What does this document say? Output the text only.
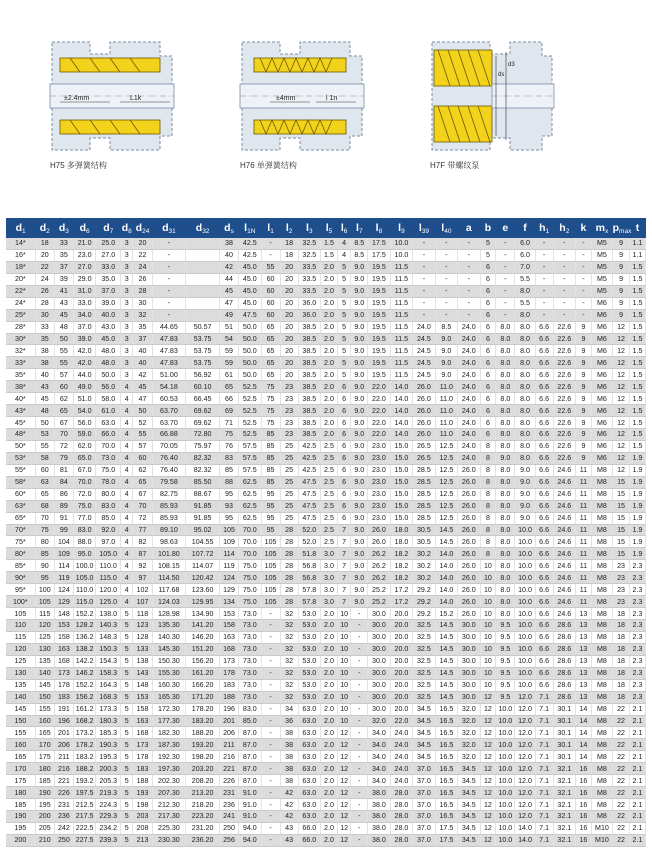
±2.4mm	L1k	±4mm	l 1n
ds
d3
H75 多弹簧结构	H76 单弹簧结构	H7F 带螺纹泵
$d_1$	$d_2$	$d_3$	$d_6$	$d_7$	$d_8$	$d_{24}$	$d_{31}$	$d_{32}$	$d_s$	$l_{1N}$	$l_1$	$l_2$	$l_3$	$l_5$	$l_6$	$l_7$	$l_8$	$l_9$	$l_{39}$	$l_{40}$	a	b	e	f	$h_1$	$h_2$	k	$m_x$	$p_{max}$	t
14*	18	33	21.0	25.0	3	20	-		38	42.5	-	18	32.5	1.5	4	8.5	17.5	10.0	-	-	-	5	-	6.0	-	-	-	M5	9	1.1
16*	20	35	23.0	27.0	3	22	-		40	42.5	-	18	32.5	1.5	4	8.5	17.5	10.0	-	-	-	5	-	6.0	-	-	-	M5	9	1.1
18*	22	37	27.0	33.0	3	24	-		42	45.0	55	20	33.5	2.0	5	9.0	19.5	11.5	-	-	-	6	-	7.0	-	-	-	M5	9	1.5
20*	24	39	29.0	35.0	3	26	-		44	45.0	60	20	33.5	2.0	5	9.0	19.5	11.5	-	-	-	6	-	5.5	-	-	-	M5	9	1.5
22*	26	41	31.0	37.0	3	28	-		45	45.0	60	20	33.5	2.0	5	9.0	19.5	11.5	-	-	-	6	-	8.0	-	-	-	M5	9	1.5
24*	28	43	33.0	39.0	3	30	-		47	45.0	60	20	36.0	2.0	5	9.0	19.5	11.5	-	-	-	6	-	5.5	-	-	-	M6	9	1.5
25*	30	45	34.0	40.0	3	32	-		49	47.5	60	20	36.0	2.0	5	9.0	19.5	11.5	-	-	-	6	-	8.0	-	-	-	M6	9	1.5
28*	33	48	37.0	43.0	3	35	44.65	50.57	51	50.0	65	20	38.5	2.0	5	9.0	19.5	11.5	24.0	8.5	24.0	6	8.0	8.0	6.6	22.6	9	M6	12	1.5
30*	35	50	39.0	45.0	3	37	47.83	53.75	54	50.0	65	20	38.5	2.0	5	9.0	19.5	11.5	24.5	9.0	24.0	6	8.0	8.0	6.6	22.6	9	M6	12	1.5
32*	38	55	42.0	48.0	3	40	47.83	53.75	59	50.0	65	20	38.5	2.0	5	9.0	19.5	11.5	24.5	9.0	24.0	6	8.0	8.0	6.6	22.6	9	M6	12	1.5
33*	38	55	42.0	48.0	3	40	47.83	53.75	59	50.0	65	20	38.5	2.0	5	9.0	19.5	11.5	24.5	9.0	24.0	6	8.0	8.0	6.6	22.6	9	M6	12	1.5
35*	40	57	44.0	50.0	3	42	51.00	56.92	61	50.0	65	20	38.5	2.0	5	9.0	19.5	11.5	24.5	9.0	24.0	6	8.0	8.0	6.6	22.6	9	M6	12	1.5
38*	43	60	49.0	56.0	4	45	54.18	60.10	65	52.5	75	23	38.5	2.0	6	9.0	22.0	14.0	26.0	11.0	24.0	6	8.0	8.0	6.6	22.6	9	M6	12	1.5
40*	45	62	51.0	58.0	4	47	60.53	66.45	66	52.5	75	23	38.5	2.0	6	9.0	22.0	14.0	26.0	11.0	24.0	6	8.0	8.0	6.6	22.6	9	M6	12	1.5
43*	48	65	54.0	61.0	4	50	63.70	69.62	69	52.5	75	23	38.5	2.0	6	9.0	22.0	14.0	26.0	11.0	24.0	6	8.0	8.0	6.6	22.6	9	M6	12	1.5
45*	50	67	56.0	63.0	4	52	63.70	69.62	71	52.5	75	23	38.5	2.0	6	9.0	22.0	14.0	26.0	11.0	24.0	6	8.0	8.0	6.6	22.6	9	M6	12	1.5
48*	53	70	59.0	66.0	4	55	66.88	72.80	75	52.5	85	23	38.5	2.0	6	9.0	22.0	14.0	26.0	11.0	24.0	6	8.0	8.0	6.6	22.6	9	M6	12	1.5
50*	55	72	62.0	70.0	4	57	70.05	75.97	76	57.5	85	25	42.5	2.5	6	9.0	23.0	15.0	26.5	12.5	24.0	8	8.0	8.0	6.6	22.6	9	M6	12	1.5
53*	58	79	65.0	73.0	4	60	76.40	82.32	83	57.5	85	25	42.5	2.5	6	9.0	23.0	15.0	26.5	12.5	24.0	8	9.0	8.0	6.6	22.6	9	M6	12	1.9
55*	60	81	67.0	75.0	4	62	76.40	82.32	85	57.5	85	25	42.5	2.5	6	9.0	23.0	15.0	28.5	12.5	26.0	8	8.0	9.0	6.6	24.6	11	M8	12	1.9
58*	63	84	70.0	78.0	4	65	79.58	85.50	88	62.5	85	25	47.5	2.5	6	9.0	23.0	15.0	28.5	12.5	26.0	8	8.0	9.0	6.6	24.6	11	M8	15	1.9
60*	65	86	72.0	80.0	4	67	82.75	88.67	95	62.5	95	25	47.5	2.5	6	9.0	23.0	15.0	28.5	12.5	26.0	8	8.0	9.0	6.6	24.6	11	M8	15	1.9
63*	68	89	75.0	83.0	4	70	85.93	91.85	93	62.5	95	25	47.5	2.5	6	9.0	23.0	15.0	28.5	12.5	26.0	8	8.0	9.0	6.6	24.6	11	M8	15	1.9
65*	70	91	77.0	85.0	4	72	85.93	91.85	95	62.5	95	25	47.5	2.5	6	9.0	23.0	15.0	28.5	12.5	26.0	8	8.0	9.0	6.6	24.6	11	M8	15	1.9
70*	75	99	83.0	92.0	4	77	89.10	95.02	105	70.0	95	28	52.0	2.5	7	9.0	26.0	18.0	30.5	14.5	26.0	8	8.0	10.0	6.6	24.6	11	M8	15	1.9
75*	80	104	88.0	97.0	4	82	98.63	104.55	109	70.0	105	28	52.0	2.5	7	9.0	26.0	18.0	30.5	14.5	26.0	8	8.0	10.0	6.6	24.6	11	M8	15	1.9
80*	85	109	95.0	105.0	4	87	101.80	107.72	114	70.0	105	28	51.8	3.0	7	9.0	26.2	18.2	30.2	14.0	26.0	8	8.0	10.0	6.6	24.6	11	M8	15	1.9
85*	90	114	100.0	110.0	4	92	108.15	114.07	119	75.0	105	28	56.8	3.0	7	9.0	26.2	18.2	30.2	14.0	26.0	10	8.0	10.0	6.6	24.6	11	M8	23	2.3
90*	95	119	105.0	115.0	4	97	114.50	120.42	124	75.0	105	28	56.8	3.0	7	9.0	26.2	18.2	30.2	14.0	26.0	10	8.0	10.0	6.6	24.6	11	M8	23	2.3
95*	100	124	110.0	120.0	4	102	117.68	123.60	129	75.0	105	28	57.8	3.0	7	9.0	25.2	17.2	29.2	14.0	26.0	10	8.0	10.0	6.6	24.6	11	M8	23	2.3
100*	105	129	115.0	125.0	4	107	124.03	129.95	134	75.0	105	28	57.8	3.0	7	9.0	25.2	17.2	29.2	14.0	26.0	10	8.0	10.0	6.6	24.6	11	M8	23	2.3
105	115	148	152.2	138.0	5	118	128.98	134.90	153	73.0	-	32	53.0	2.0	10	-	30.0	20.0	29.2	15.2	26.0	10	8.0	10.0	6.6	24.6	13	M8	18	2.3
110	120	153	128.2	140.3	5	123	135.30	141.20	158	73.0	-	32	53.0	2.0	10	-	30.0	20.0	32.5	14.5	30.0	10	9.5	10.0	6.6	28.6	13	M8	18	2.3
115	125	158	136.2	148.3	5	128	140.30	146.20	163	73.0	-	32	53.0	2.0	10	-	30.0	20.0	32.5	14.5	30.0	10	9.5	10.0	6.6	28.6	13	M8	18	2.3
120	130	163	138.2	150.3	5	133	145.30	151.20	168	73.0	-	32	53.0	2.0	10	-	30.0	20.0	32.5	14.5	30.0	10	9.5	10.0	6.6	28.6	13	M8	18	2.3
125	135	168	142.2	154.3	5	138	150.30	156.20	173	73.0	-	32	53.0	2.0	10	-	30.0	20.0	32.5	14.5	30.0	10	9.5	10.0	6.6	28.6	13	M8	18	2.3
130	140	173	146.2	158.3	5	143	155.30	161.20	178	73.0	-	32	53.0	2.0	10	-	30.0	20.0	32.5	14.5	30.0	10	9.5	10.0	6.6	28.6	13	M8	18	2.3
135	145	178	152.2	164.3	5	148	160.30	166.20	183	73.0	-	32	53.0	2.0	10	-	30.0	20.0	32.5	14.5	30.0	10	9.5	10.0	6.6	28.6	13	M8	18	2.3
140	150	183	156.2	168.3	5	153	165.30	171.20	188	73.0	-	32	53.0	2.0	10	-	30.0	20.0	32.5	14.5	30.0	12	9.5	12.0	7.1	28.6	13	M8	18	2.3
145	155	191	161.2	173.3	5	158	172.30	178.20	196	83.0	-	34	63.0	2.0	10	-	30.0	20.0	34.5	16.5	32.0	12	10.0	12.0	7.1	30.1	14	M8	22	2.1
150	160	196	168.2	180.3	5	163	177.30	183.20	201	85.0	-	36	63.0	2.0	10	-	32.0	22.0	34.5	16.5	32.0	12	10.0	12.0	7.1	30.1	14	M8	22	2.1
155	165	201	173.2	185.3	5	168	182.30	188.20	206	87.0	-	38	63.0	2.0	12	-	34.0	24.0	34.5	16.5	32.0	12	10.0	12.0	7.1	30.1	14	M8	22	2.1
160	170	206	178.2	190.3	5	173	187.30	193.20	211	87.0	-	38	63.0	2.0	12	-	34.0	24.0	34.5	16.5	32.0	12	10.0	12.0	7.1	30.1	14	M8	22	2.1
165	175	211	183.2	195.3	5	178	192.30	198.20	216	87.0	-	38	63.0	2.0	12	-	34.0	24.0	34.5	16.5	32.0	12	10.0	12.0	7.1	30.1	14	M8	22	2.1
170	180	216	188.2	200.3	5	183	197.30	203.20	221	87.0	-	38	63.0	2.0	12	-	34.0	24.0	37.0	16.5	34.5	12	10.0	12.0	7.1	32.1	16	M8	22	2.1
175	185	221	193.2	205.3	5	188	202.30	208.20	226	87.0	-	38	63.0	2.0	12	-	34.0	24.0	37.0	16.5	34.5	12	10.0	12.0	7.1	32.1	16	M8	22	2.1
180	190	226	197.5	219.3	5	193	207.30	213.20	231	91.0	-	42	63.0	2.0	12	-	38.0	28.0	37.0	16.5	34.5	12	10.0	12.0	7.1	32.1	16	M8	22	2.1
185	195	231	212.5	224.3	5	198	212.30	218.20	236	91.0	-	42	63.0	2.0	12	-	38.0	28.0	37.0	16.5	34.5	12	10.0	12.0	7.1	32.1	16	M8	22	2.1
190	200	236	217.5	229.3	5	203	217.30	223.20	241	91.0	-	42	63.0	2.0	12	-	38.0	28.0	37.0	16.5	34.5	12	10.0	12.0	7.1	32.1	16	M8	22	2.1
195	205	242	222.5	234.2	5	208	225.30	231.20	250	94.0	-	43	66.0	2.0	12	-	38.0	28.0	37.0	17.5	34.5	12	10.0	14.0	7.1	32.1	16	M10	22	2.1
200	210	250	227.5	239.3	5	213	230.30	236.20	256	94.0	-	43	66.0	2.0	12	-	38.0	28.0	37.0	17.5	34.5	12	10.0	14.0	7.1	32.1	16	M10	22	2.1
